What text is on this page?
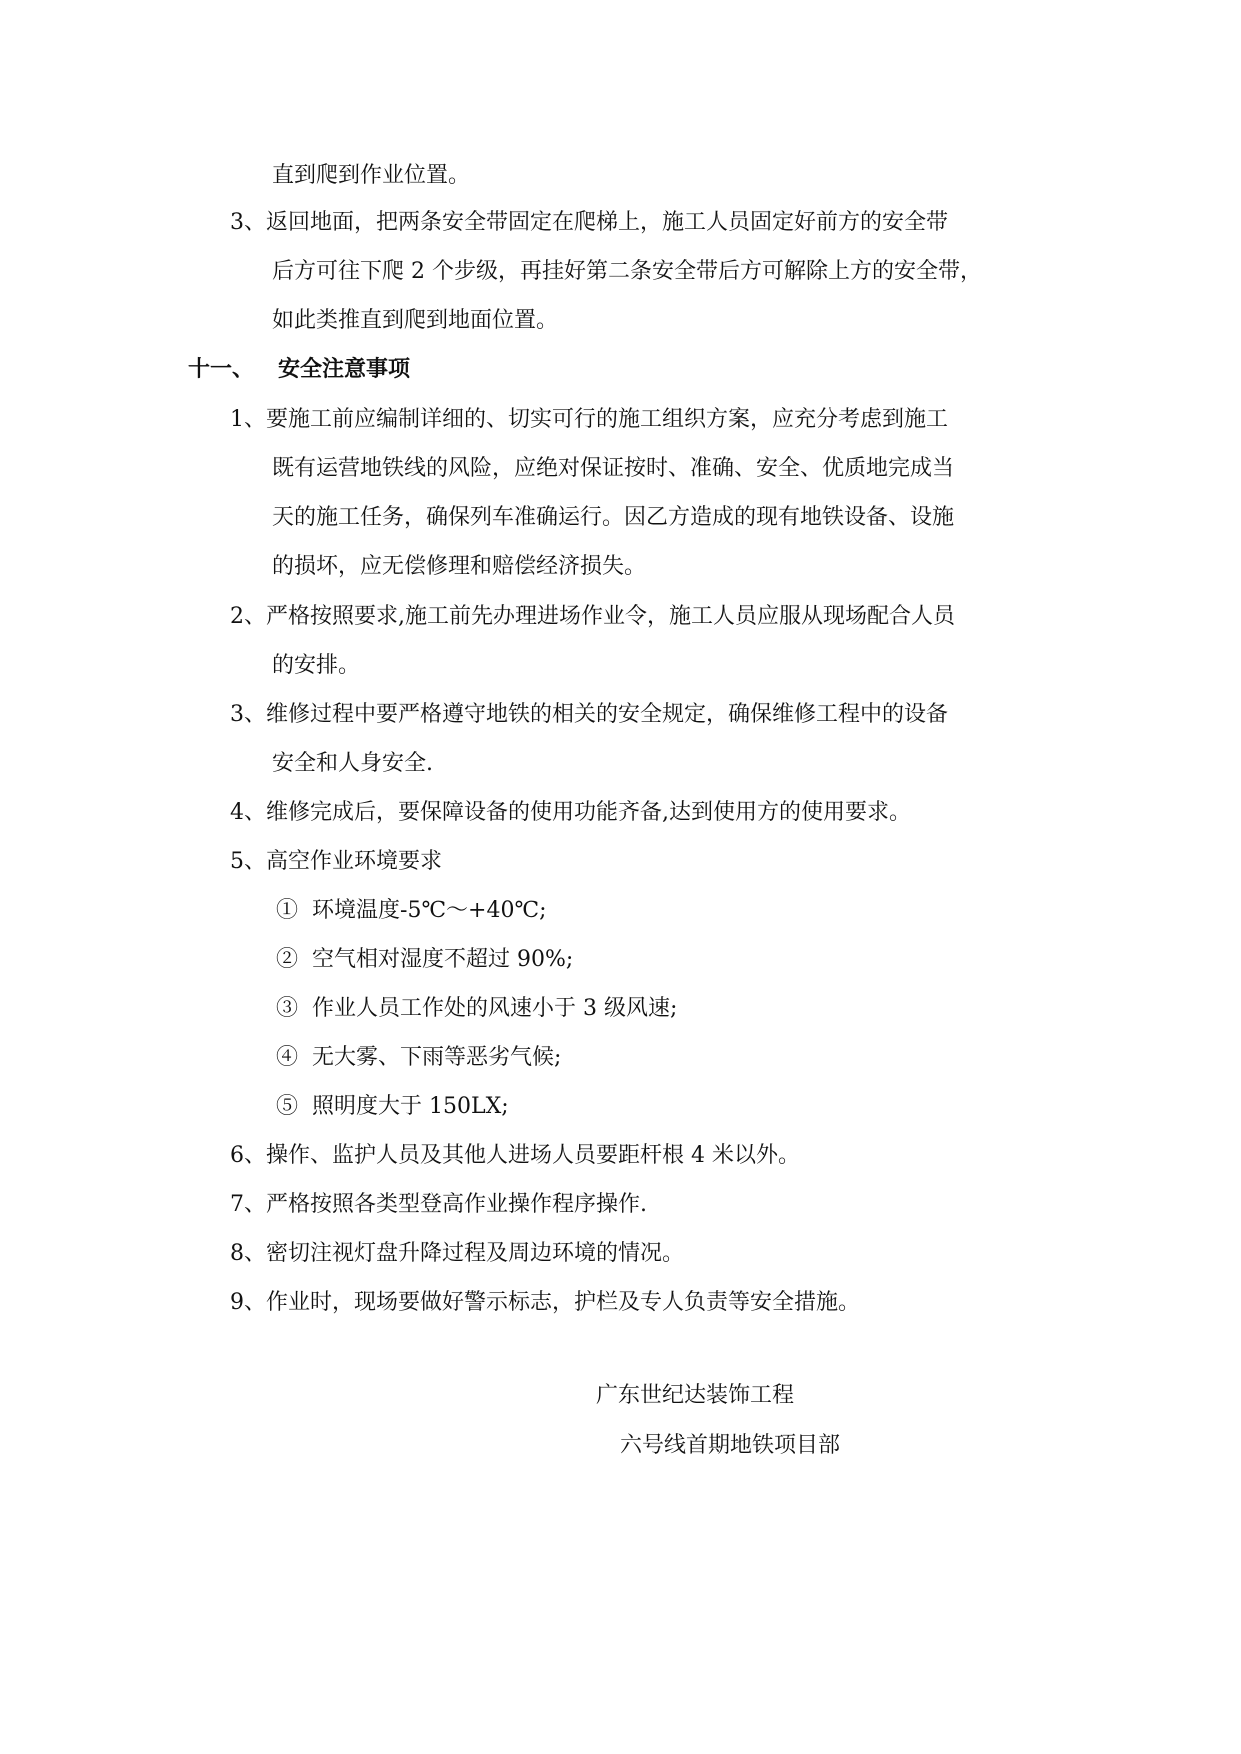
直到爬到作业位置。
3、返回地面，把两条安全带固定在爬梯上，施工人员固定好前方的安全带
后方可往下爬 2 个步级，再挂好第二条安全带后方可解除上方的安全带，
如此类推直到爬到地面位置。
十一、 安全注意事项
1、要施工前应编制详细的、切实可行的施工组织方案，应充分考虑到施工
既有运营地铁线的风险，应绝对保证按时、准确、安全、优质地完成当
天的施工任务，确保列车准确运行。因乙方造成的现有地铁设备、设施
的损坏，应无偿修理和赔偿经济损失。
2、严格按照要求,施工前先办理进场作业令，施工人员应服从现场配合人员
的安排。
3、维修过程中要严格遵守地铁的相关的安全规定，确保维修工程中的设备
安全和人身安全.
4、维修完成后，要保障设备的使用功能齐备,达到使用方的使用要求。
5、高空作业环境要求
① 环境温度-5℃～+40℃;
② 空气相对湿度不超过 90%;
③ 作业人员工作处的风速小于 3 级风速;
④ 无大雾、下雨等恶劣气候;
⑤ 照明度大于 150LX;
6、操作、监护人员及其他人进场人员要距杆根 4 米以外。
7、严格按照各类型登高作业操作程序操作.
8、密切注视灯盘升降过程及周边环境的情况。
9、作业时，现场要做好警示标志，护栏及专人负责等安全措施。
广东世纪达装饰工程
六号线首期地铁项目部
